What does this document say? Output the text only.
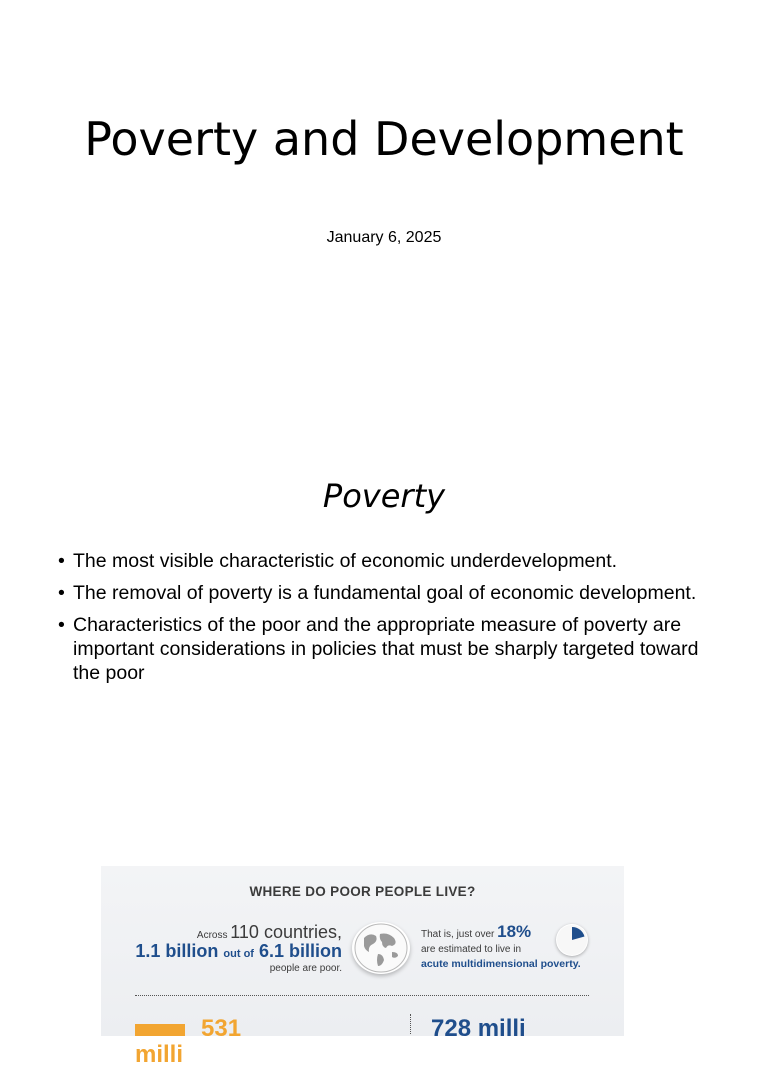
Poverty and Development
January 6, 2025
Poverty
• The most visible characteristic of economic underdevelopment.
• The removal of poverty is a fundamental goal of economic development.
• Characteristics of the poor and the appropriate measure of poverty are important considerations in policies that must be sharply targeted toward the poor
WHERE DO POOR PEOPLE LIVE?
Across 110 countries,
1.1 billion out of 6.1 billion
people are poor.
That is, just over 18%
are estimated to live in
acute multidimensional poverty.
531 milli
728 milli
